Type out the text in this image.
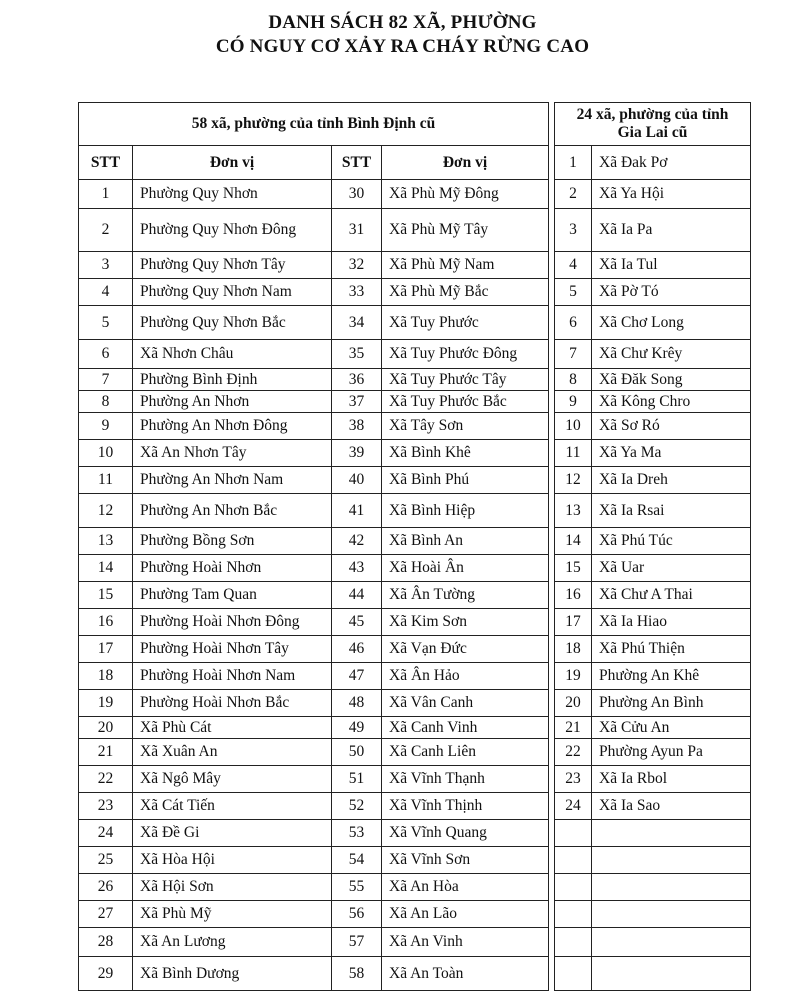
DANH SÁCH 82 XÃ, PHƯỜNG
CÓ NGUY CƠ XẢY RA CHÁY RỪNG CAO
58 xã, phường của tỉnh Bình Định cũ					24 xã, phường của tỉnh
Gia Lai cũ	

STT	Đơn vị	STT	Đơn vị		1	Xã Đak Pơ
1	Phường Quy Nhơn	30	Xã Phù Mỹ Đông		2	Xã Ya Hội
2	Phường Quy Nhơn Đông	31	Xã Phù Mỹ Tây		3	Xã Ia Pa
3	Phường Quy Nhơn Tây	32	Xã Phù Mỹ Nam		4	Xã Ia Tul
4	Phường Quy Nhơn Nam	33	Xã Phù Mỹ Bắc		5	Xã Pờ Tó
5	Phường Quy Nhơn Bắc	34	Xã Tuy Phước		6	Xã Chơ Long
6	Xã Nhơn Châu	35	Xã Tuy Phước Đông		7	Xã Chư Krêy
7	Phường Bình Định	36	Xã Tuy Phước Tây		8	Xã Đăk Song
8	Phường An Nhơn	37	Xã Tuy Phước Bắc		9	Xã Kông Chro
9	Phường An Nhơn Đông	38	Xã Tây Sơn		10	Xã Sơ Ró
10	Xã An Nhơn Tây	39	Xã Bình Khê		11	Xã Ya Ma
11	Phường An Nhơn Nam	40	Xã Bình Phú		12	Xã Ia Dreh
12	Phường An Nhơn Bắc	41	Xã Bình Hiệp		13	Xã Ia Rsai
13	Phường Bồng Sơn	42	Xã Bình An		14	Xã Phú Túc
14	Phường Hoài Nhơn	43	Xã Hoài Ân		15	Xã Uar
15	Phường Tam Quan	44	Xã Ân Tường		16	Xã Chư A Thai
16	Phường Hoài Nhơn Đông	45	Xã Kim Sơn		17	Xã Ia Hiao
17	Phường Hoài Nhơn Tây	46	Xã Vạn Đức		18	Xã Phú Thiện
18	Phường Hoài Nhơn Nam	47	Xã Ân Hảo		19	Phường An Khê
19	Phường Hoài Nhơn Bắc	48	Xã Vân Canh		20	Phường An Bình
20	Xã Phù Cát	49	Xã Canh Vinh		21	Xã Cửu An
21	Xã Xuân An	50	Xã Canh Liên		22	Phường Ayun Pa
22	Xã Ngô Mây	51	Xã Vĩnh Thạnh		23	Xã Ia Rbol
23	Xã Cát Tiến	52	Xã Vĩnh Thịnh		24	Xã Ia Sao
24	Xã Đề Gi	53	Xã Vĩnh Quang			
25	Xã Hòa Hội	54	Xã Vĩnh Sơn			
26	Xã Hội Sơn	55	Xã An Hòa			
27	Xã Phù Mỹ	56	Xã An Lão			
28	Xã An Lương	57	Xã An Vinh			
29	Xã Bình Dương	58	Xã An Toàn			
